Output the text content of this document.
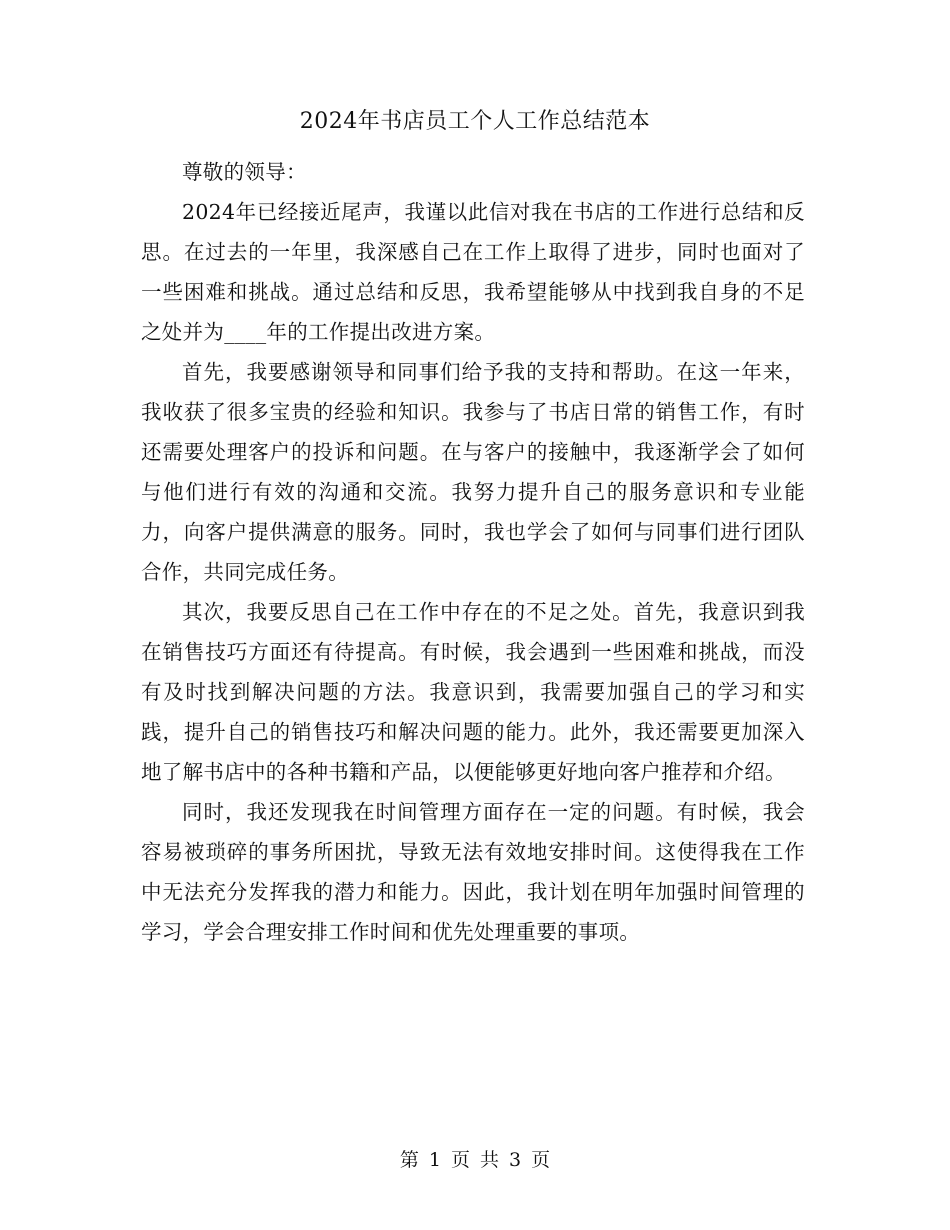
2024年书店员工个人工作总结范本

尊敬的领导：

2024年已经接近尾声，我谨以此信对我在书店的工作进行总结和反思。在过去的一年里，我深感自己在工作上取得了进步，同时也面对了一些困难和挑战。通过总结和反思，我希望能够从中找到我自身的不足之处并为____年的工作提出改进方案。

首先，我要感谢领导和同事们给予我的支持和帮助。在这一年来，我收获了很多宝贵的经验和知识。我参与了书店日常的销售工作，有时还需要处理客户的投诉和问题。在与客户的接触中，我逐渐学会了如何与他们进行有效的沟通和交流。我努力提升自己的服务意识和专业能力，向客户提供满意的服务。同时，我也学会了如何与同事们进行团队合作，共同完成任务。

其次，我要反思自己在工作中存在的不足之处。首先，我意识到我在销售技巧方面还有待提高。有时候，我会遇到一些困难和挑战，而没有及时找到解决问题的方法。我意识到，我需要加强自己的学习和实践，提升自己的销售技巧和解决问题的能力。此外，我还需要更加深入地了解书店中的各种书籍和产品，以便能够更好地向客户推荐和介绍。

同时，我还发现我在时间管理方面存在一定的问题。有时候，我会容易被琐碎的事务所困扰，导致无法有效地安排时间。这使得我在工作中无法充分发挥我的潜力和能力。因此，我计划在明年加强时间管理的学习，学会合理安排工作时间和优先处理重要的事项。

第 1 页 共 3 页
